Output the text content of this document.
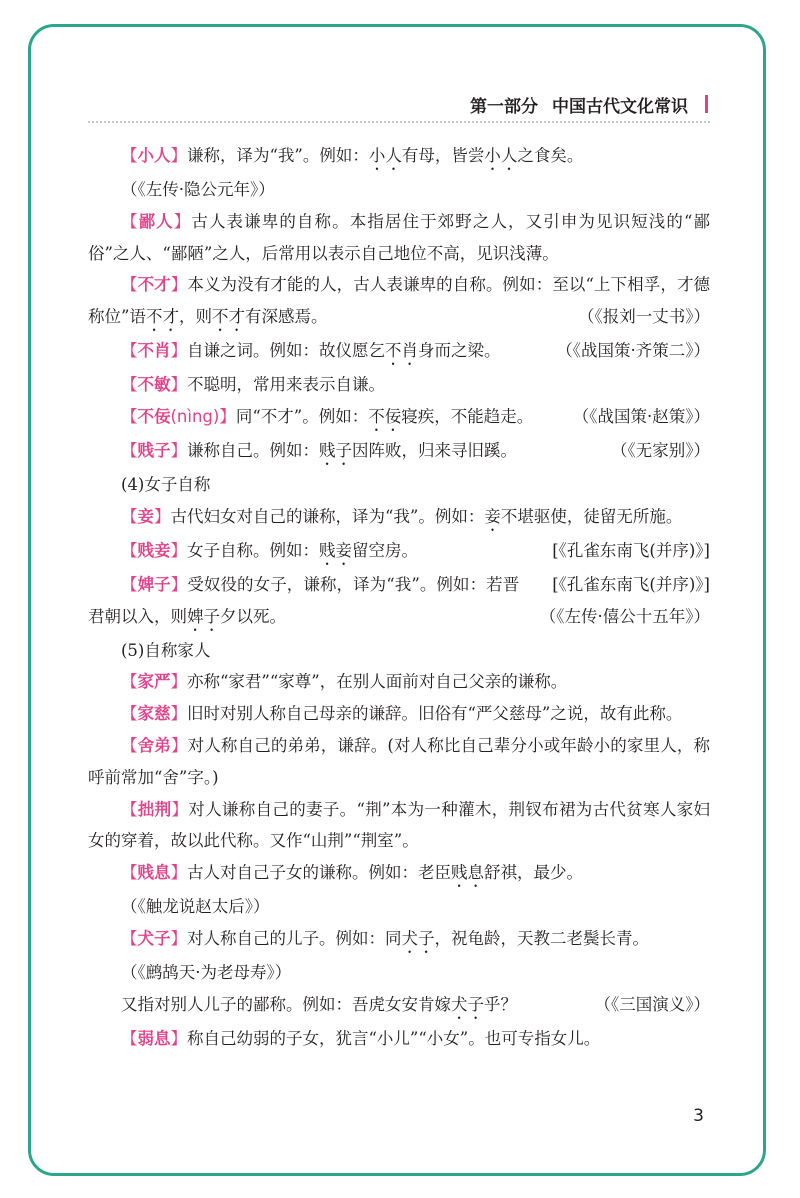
第一部分 中国古代文化常识
【小人】谦称，译为“我”。例如：小人有母，皆尝小人之食矣。
（《左传·隐公元年》）
【鄙人】古人表谦卑的自称。本指居住于郊野之人，又引申为见识短浅的“鄙俗”之人、“鄙陋”之人，后常用以表示自己地位不高，见识浅薄。
【不才】本义为没有才能的人，古人表谦卑的自称。例如：至以“上下相孚，才德称位”语不才，则不才有深感焉。	（《报刘一丈书》）
【不肖】自谦之词。例如：故仪愿乞不肖身而之梁。	（《战国策·齐策二》）
【不敏】不聪明，常用来表示自谦。
【不佞(nìng)】同“不才”。例如：不佞寝疾，不能趋走。	（《战国策·赵策》）
【贱子】谦称自己。例如：贱子因阵败，归来寻旧蹊。	（《无家别》）
(4)女子自称
【妾】古代妇女对自己的谦称，译为“我”。例如：妾不堪驱使，徒留无所施。
[《孔雀东南飞(并序)》]
【贱妾】女子自称。例如：贱妾留空房。
[《孔雀东南飞(并序)》]
【婢子】受奴役的女子，谦称，译为“我”。例如：若晋君朝以入，则婢子夕以死。	（《左传·僖公十五年》）
(5)自称家人
【家严】亦称“家君”“家尊”，在别人面前对自己父亲的谦称。
【家慈】旧时对别人称自己母亲的谦辞。旧俗有“严父慈母”之说，故有此称。
【舍弟】对人称自己的弟弟，谦辞。(对人称比自己辈分小或年龄小的家里人，称呼前常加“舍”字。)
【拙荆】对人谦称自己的妻子。“荆”本为一种灌木，荆钗布裙为古代贫寒人家妇女的穿着，故以此代称。又作“山荆”“荆室”。
【贱息】古人对自己子女的谦称。例如：老臣贱息舒祺，最少。
（《触龙说赵太后》）
【犬子】对人称自己的儿子。例如：同犬子，祝龟龄，天教二老鬓长青。
（《鹧鸪天·为老母寿》）
又指对别人儿子的鄙称。例如：吾虎女安肯嫁犬子乎？	（《三国演义》）
【弱息】称自己幼弱的子女，犹言“小儿”“小女”。也可专指女儿。
3
